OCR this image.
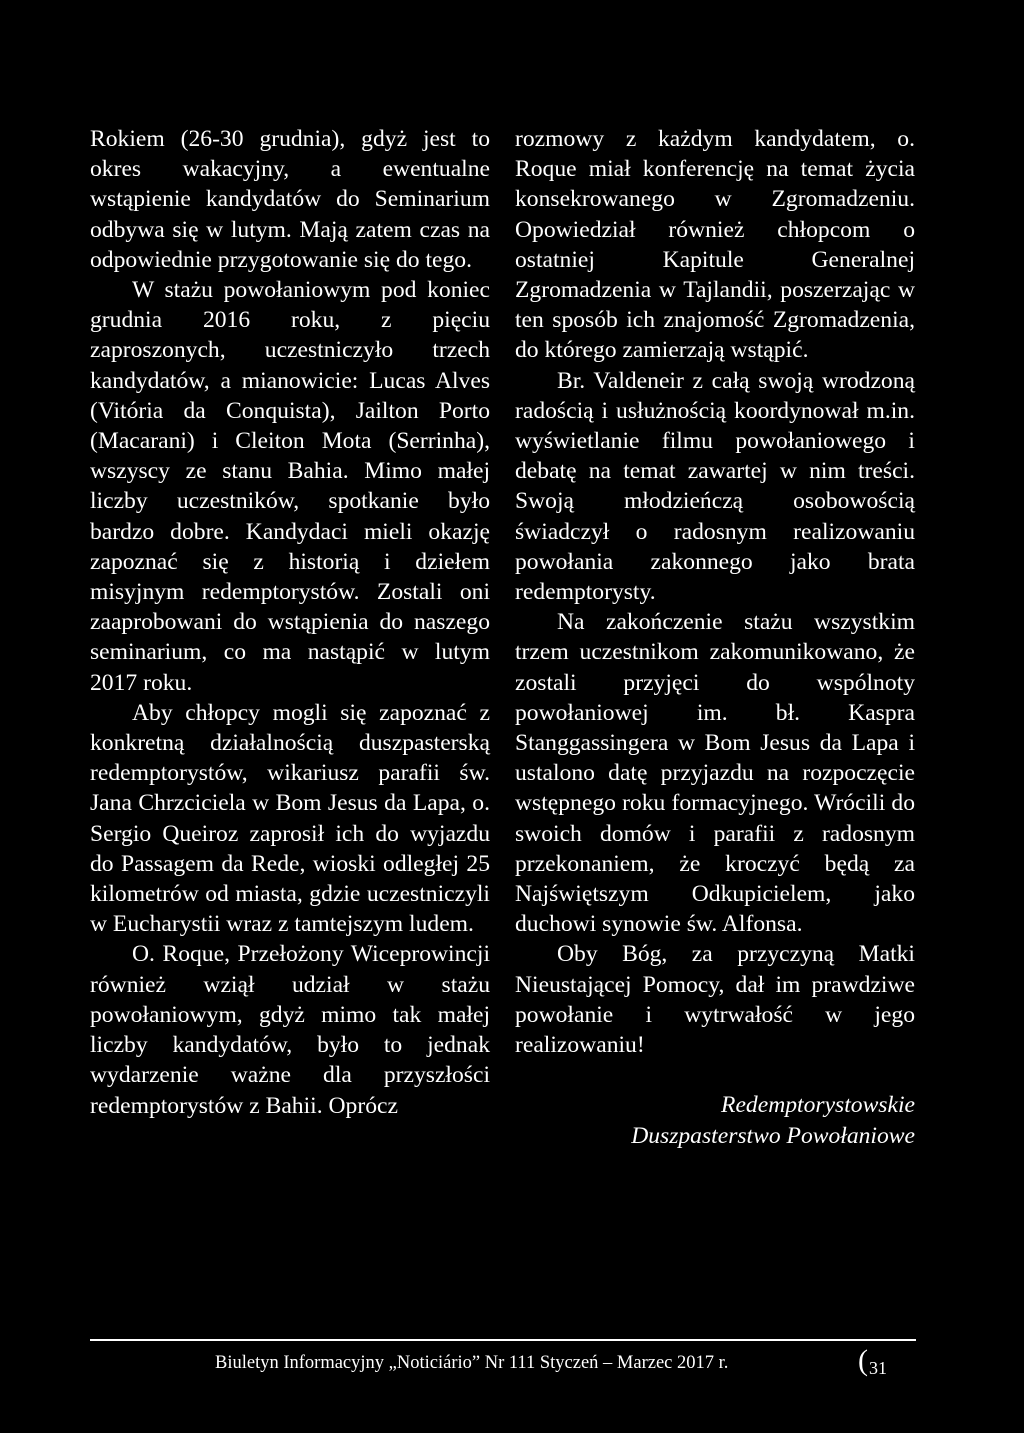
Rokiem (26-30 grudnia), gdyż jest to okres wakacyjny, a ewentualne wstąpienie kandydatów do Seminarium odbywa się w lutym. Mają zatem czas na odpowiednie przygotowanie się do tego.

W stażu powołaniowym pod koniec grudnia 2016 roku, z pięciu zaproszonych, uczestniczyło trzech kandydatów, a mianowicie: Lucas Alves (Vitória da Conquista), Jailton Porto (Macarani) i Cleiton Mota (Serrinha), wszyscy ze stanu Bahia. Mimo małej liczby uczestników, spotkanie było bardzo dobre. Kandydaci mieli okazję zapoznać się z historią i dziełem misyjnym redemptorystów. Zostali oni zaaprobowani do wstąpienia do naszego seminarium, co ma nastąpić w lutym 2017 roku.

Aby chłopcy mogli się zapoznać z konkretną działalnością duszpasterską redemptorystów, wikariusz parafii św. Jana Chrzciciela w Bom Jesus da Lapa, o. Sergio Queiroz zaprosił ich do wyjazdu do Passagem da Rede, wioski odległej 25 kilometrów od miasta, gdzie uczestniczyli w Eucharystii wraz z tamtejszym ludem.

O. Roque, Przełożony Wiceprowincji również wziął udział w stażu powołaniowym, gdyż mimo tak małej liczby kandydatów, było to jednak wydarzenie ważne dla przyszłości redemptorystów z Bahii. Oprócz

rozmowy z każdym kandydatem, o. Roque miał konferencję na temat życia konsekrowanego w Zgromadzeniu. Opowiedział również chłopcom o ostatniej Kapitule Generalnej Zgromadzenia w Tajlandii, poszerzając w ten sposób ich znajomość Zgromadzenia, do którego zamierzają wstąpić.

Br. Valdeneir z całą swoją wrodzoną radością i usłużnością koordynował m.in. wyświetlanie filmu powołaniowego i debatę na temat zawartej w nim treści. Swoją młodzieńczą osobowością świadczył o radosnym realizowaniu powołania zakonnego jako brata redemptorysty.

Na zakończenie stażu wszystkim trzem uczestnikom zakomunikowano, że zostali przyjęci do wspólnoty powołaniowej im. bł. Kaspra Stanggassingera w Bom Jesus da Lapa i ustalono datę przyjazdu na rozpoczęcie wstępnego roku formacyjnego. Wrócili do swoich domów i parafii z radosnym przekonaniem, że kroczyć będą za Najświętszym Odkupicielem, jako duchowi synowie św. Alfonsa.

Oby Bóg, za przyczyną Matki Nieustającej Pomocy, dał im prawdziwe powołanie i wytrwałość w jego realizowaniu!

Redemptorystowskie
Duszpasterstwo Powołaniowe
Biuletyn Informacyjny „Noticiário” Nr 111 Styczeń – Marzec 2017 r.	(31
